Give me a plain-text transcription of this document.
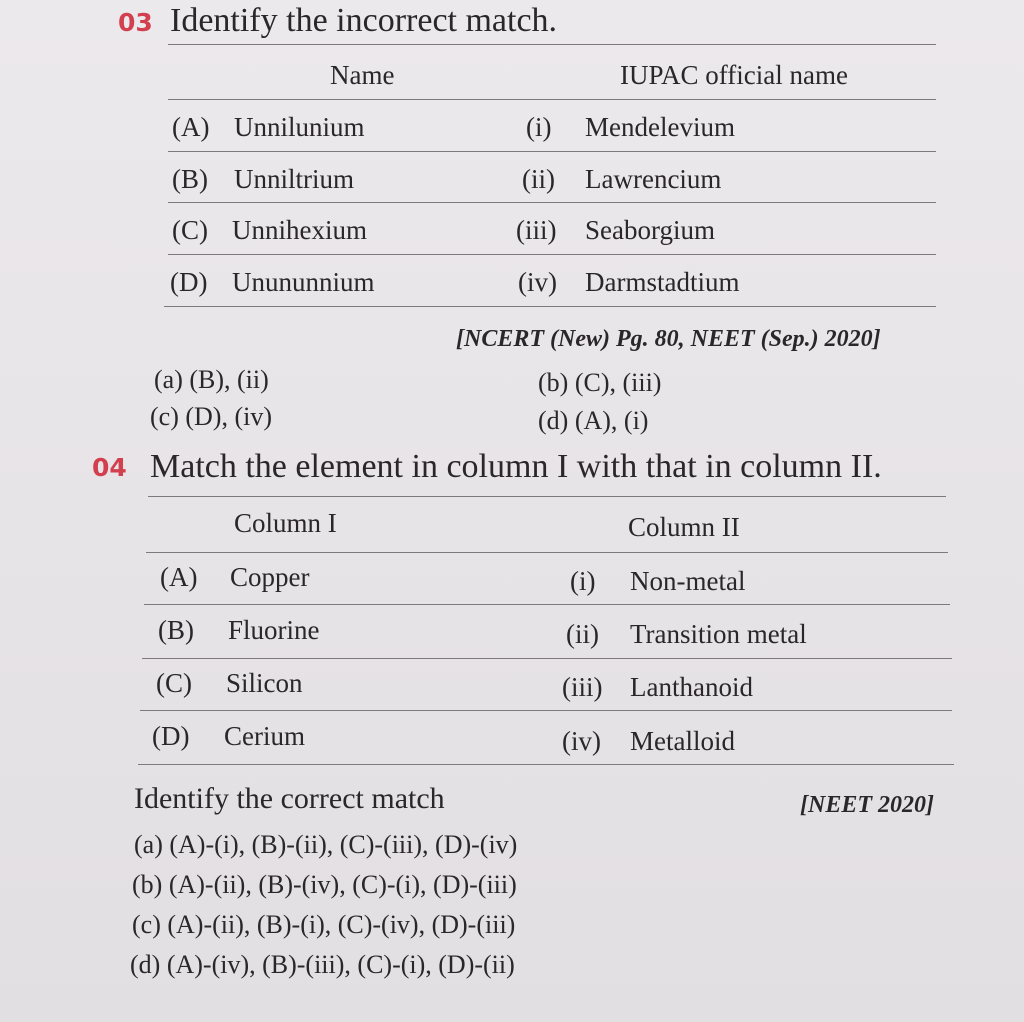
03 Identify the incorrect match.
Name	IUPAC official name
(A) Unnilunium	(i) Mendelevium
(B) Unniltrium	(ii) Lawrencium
(C) Unnihexium	(iii) Seaborgium
(D) Unununnium	(iv) Darmstadtium
[NCERT (New) Pg. 80, NEET (Sep.) 2020]
(a) (B), (ii)	(b) (C), (iii)
(c) (D), (iv)	(d) (A), (i)
04 Match the element in column I with that in column II.
Column I	Column II
(A) Copper	(i) Non-metal
(B) Fluorine	(ii) Transition metal
(C) Silicon	(iii) Lanthanoid
(D) Cerium	(iv) Metalloid
Identify the correct match	[NEET 2020]
(a) (A)-(i), (B)-(ii), (C)-(iii), (D)-(iv)
(b) (A)-(ii), (B)-(iv), (C)-(i), (D)-(iii)
(c) (A)-(ii), (B)-(i), (C)-(iv), (D)-(iii)
(d) (A)-(iv), (B)-(iii), (C)-(i), (D)-(ii)
